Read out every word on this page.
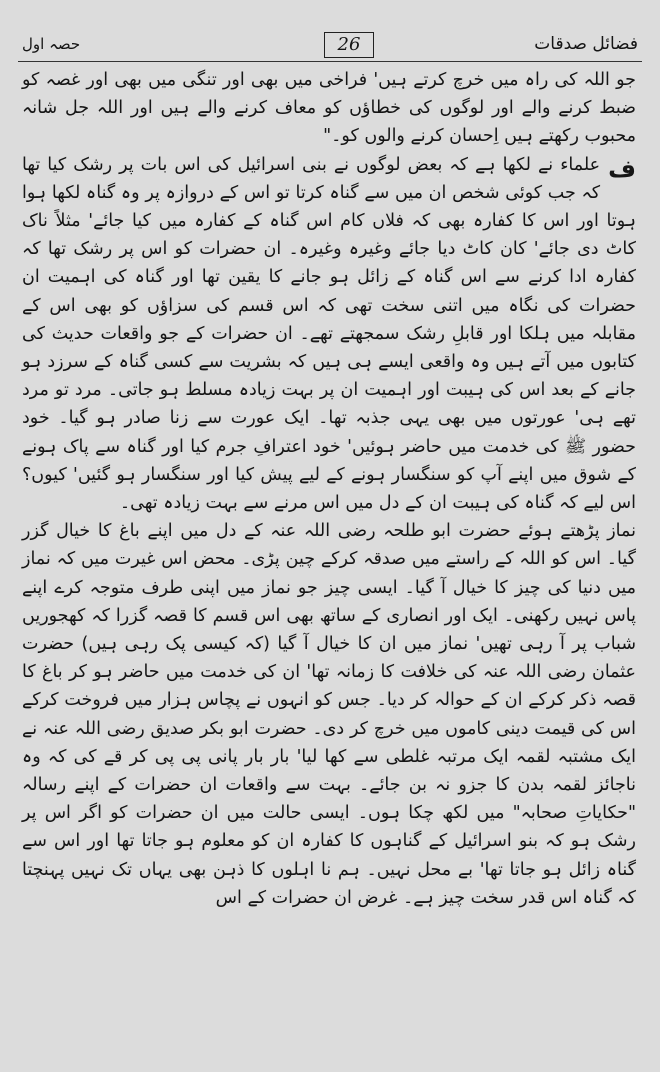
فضائل صدقات
26
حصہ اول

جو اللہ کی راہ میں خرچ کرتے ہیں' فراخی میں بھی اور تنگی میں بھی اور غصہ کو ضبط کرنے والے اور لوگوں کی خطاؤں کو معاف کرنے والے ہیں اور اللہ جل شانہ محبوب رکھتے ہیں اِحسان کرنے والوں کو۔"

ف

علماء نے لکھا ہے کہ بعض لوگوں نے بنی اسرائیل کی اس بات پر رشک کیا تھا کہ جب کوئی شخص ان میں سے گناہ کرتا تو اس کے دروازہ پر وہ گناہ لکھا ہوا ہوتا اور اس کا کفارہ بھی کہ فلاں کام اس گناہ کے کفارہ میں کیا جائے' مثلاً ناک کاٹ دی جائے' کان کاٹ دیا جائے وغیرہ وغیرہ۔ ان حضرات کو اس پر رشک تھا کہ کفارہ ادا کرنے سے اس گناہ کے زائل ہو جانے کا یقین تھا اور گناہ کی اہمیت ان حضرات کی نگاہ میں اتنی سخت تھی کہ اس قسم کی سزاؤں کو بھی اس کے مقابلہ میں ہلکا اور قابلِ رشک سمجھتے تھے۔ ان حضرات کے جو واقعات حدیث کی کتابوں میں آتے ہیں وہ واقعی ایسے ہی ہیں کہ بشریت سے کسی گناہ کے سرزد ہو جانے کے بعد اس کی ہیبت اور اہمیت ان پر بہت زیادہ مسلط ہو جاتی۔ مرد تو مرد تھے ہی' عورتوں میں بھی یہی جذبہ تھا۔ ایک عورت سے زنا صادر ہو گیا۔ خود حضور ﷺ کی خدمت میں حاضر ہوئیں' خود اعترافِ جرم کیا اور گناہ سے پاک ہونے کے شوق میں اپنے آپ کو سنگسار ہونے کے لیے پیش کیا اور سنگسار ہو گئیں' کیوں؟ اس لیے کہ گناہ کی ہیبت ان کے دل میں اس مرنے سے بہت زیادہ تھی۔

نماز پڑھتے ہوئے حضرت ابو طلحہ رضی اللہ عنہ کے دل میں اپنے باغ کا خیال گزر گیا۔ اس کو اللہ کے راستے میں صدقہ کرکے چین پڑی۔ محض اس غیرت میں کہ نماز میں دنیا کی چیز کا خیال آ گیا۔ ایسی چیز جو نماز میں اپنی طرف متوجہ کرے اپنے پاس نہیں رکھنی۔ ایک اور انصاری کے ساتھ بھی اس قسم کا قصہ گزرا کہ کھجوریں شباب پر آ رہی تھیں' نماز میں ان کا خیال آ گیا (کہ کیسی پک رہی ہیں) حضرت عثمان رضی اللہ عنہ کی خلافت کا زمانہ تھا' ان کی خدمت میں حاضر ہو کر باغ کا قصہ ذکر کرکے ان کے حوالہ کر دیا۔ جس کو انہوں نے پچاس ہزار میں فروخت کرکے اس کی قیمت دینی کاموں میں خرچ کر دی۔ حضرت ابو بکر صدیق رضی اللہ عنہ نے ایک مشتبہ لقمہ ایک مرتبہ غلطی سے کھا لیا' بار بار پانی پی پی کر قے کی کہ وہ ناجائز لقمہ بدن کا جزو نہ بن جائے۔ بہت سے واقعات ان حضرات کے اپنے رسالہ "حکایاتِ صحابہ" میں لکھ چکا ہوں۔ ایسی حالت میں ان حضرات کو اگر اس پر رشک ہو کہ بنو اسرائیل کے گناہوں کا کفارہ ان کو معلوم ہو جاتا تھا اور اس سے گناہ زائل ہو جاتا تھا' بے محل نہیں۔ ہم نا اہلوں کا ذہن بھی یہاں تک نہیں پہنچتا کہ گناہ اس قدر سخت چیز ہے۔ غرض ان حضرات کے اس
